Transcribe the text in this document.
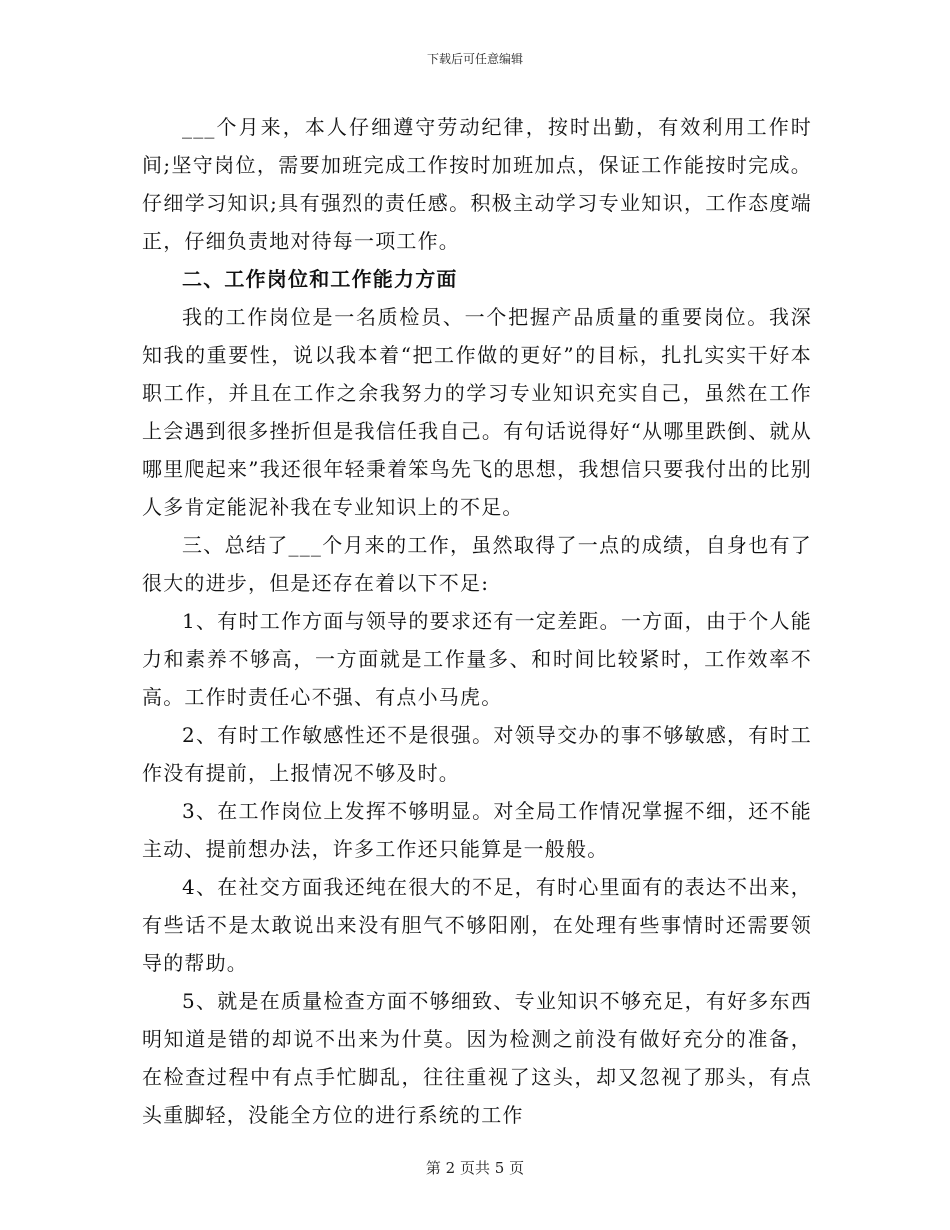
下载后可任意编辑

___个月来，本人仔细遵守劳动纪律，按时出勤，有效利用工作时间;坚守岗位，需要加班完成工作按时加班加点，保证工作能按时完成。仔细学习知识;具有强烈的责任感。积极主动学习专业知识，工作态度端正，仔细负责地对待每一项工作。

二、工作岗位和工作能力方面

我的工作岗位是一名质检员、一个把握产品质量的重要岗位。我深知我的重要性，说以我本着“把工作做的更好”的目标，扎扎实实干好本职工作，并且在工作之余我努力的学习专业知识充实自己，虽然在工作上会遇到很多挫折但是我信任我自己。有句话说得好“从哪里跌倒、就从哪里爬起来”我还很年轻秉着笨鸟先飞的思想，我想信只要我付出的比别人多肯定能泥补我在专业知识上的不足。

三、总结了___个月来的工作，虽然取得了一点的成绩，自身也有了很大的进步，但是还存在着以下不足:

1、有时工作方面与领导的要求还有一定差距。一方面，由于个人能力和素养不够高，一方面就是工作量多、和时间比较紧时，工作效率不高。工作时责任心不强、有点小马虎。

2、有时工作敏感性还不是很强。对领导交办的事不够敏感，有时工作没有提前，上报情况不够及时。

3、在工作岗位上发挥不够明显。对全局工作情况掌握不细，还不能主动、提前想办法，许多工作还只能算是一般般。

4、在社交方面我还纯在很大的不足，有时心里面有的表达不出来，有些话不是太敢说出来没有胆气不够阳刚，在处理有些事情时还需要领导的帮助。

5、就是在质量检查方面不够细致、专业知识不够充足，有好多东西明知道是错的却说不出来为什莫。因为检测之前没有做好充分的准备，在检查过程中有点手忙脚乱，往往重视了这头，却又忽视了那头，有点头重脚轻，没能全方位的进行系统的工作

第 2 页共 5 页
